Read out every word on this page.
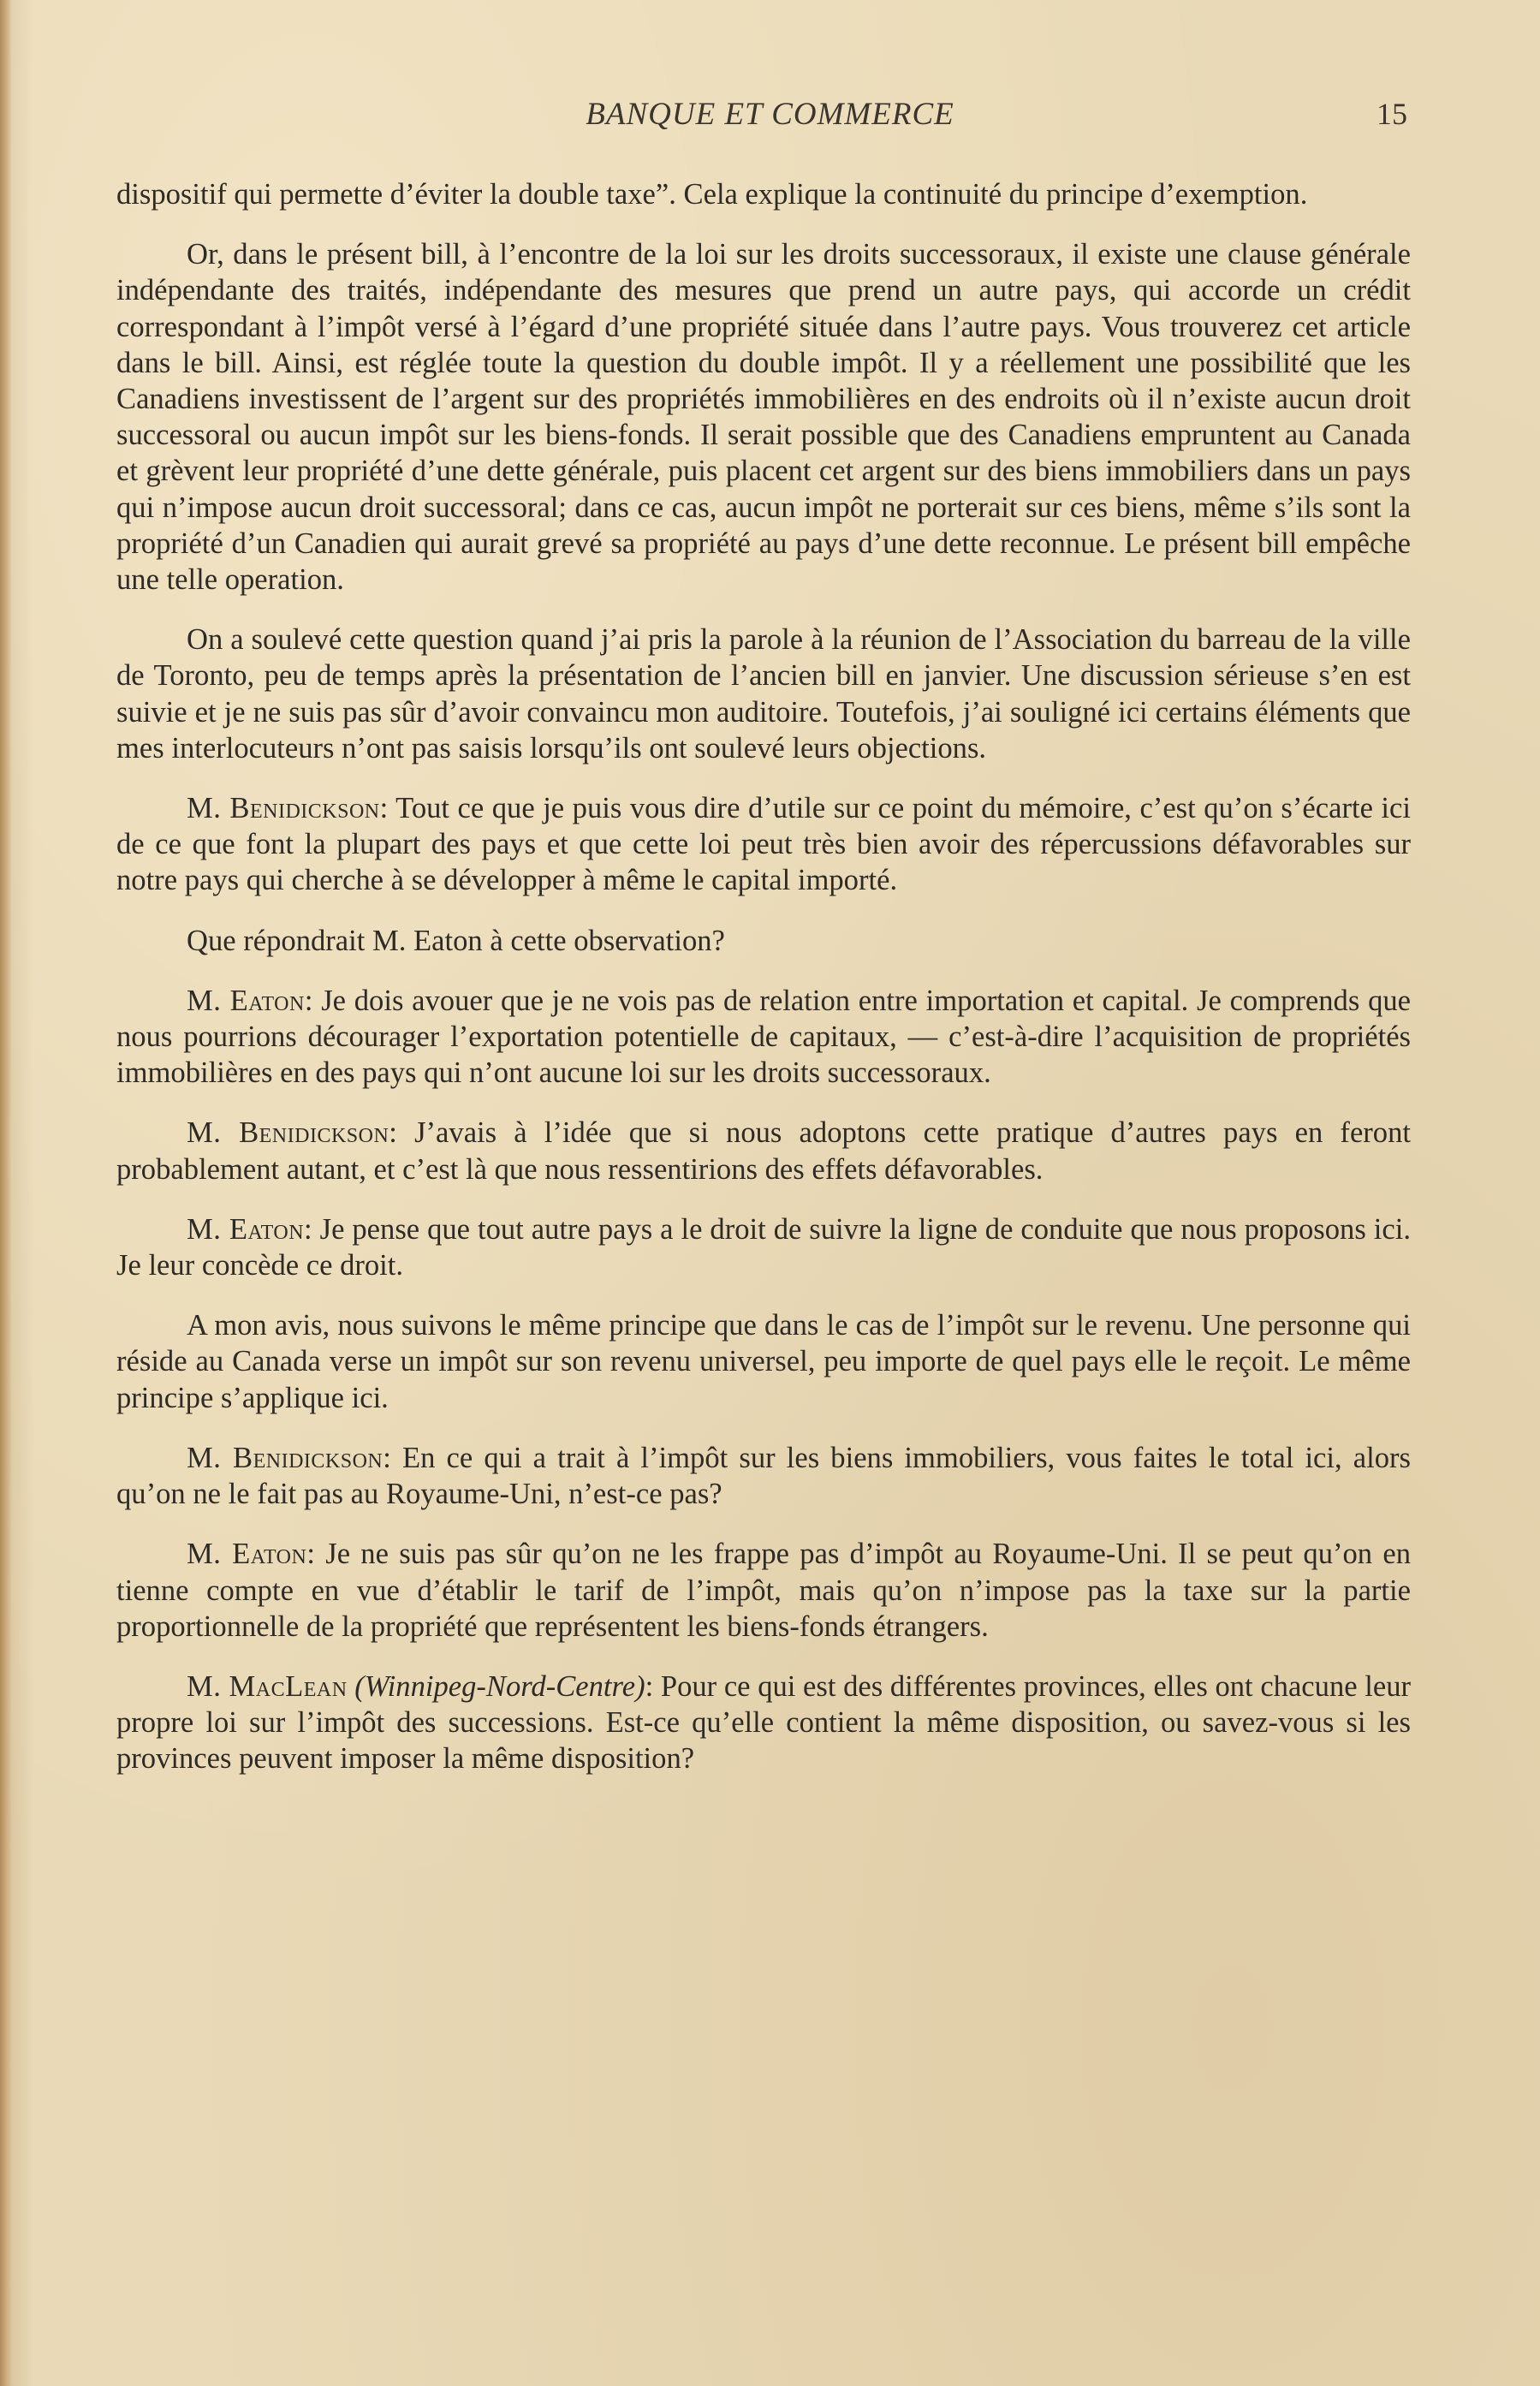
BANQUE ET COMMERCE	15

dispositif qui permette d’éviter la double taxe”. Cela explique la continuité du principe d’exemption.

Or, dans le présent bill, à l’encontre de la loi sur les droits successoraux, il existe une clause générale indépendante des traités, indépendante des mesures que prend un autre pays, qui accorde un crédit correspondant à l’impôt versé à l’égard d’une propriété située dans l’autre pays. Vous trouverez cet article dans le bill. Ainsi, est réglée toute la question du double impôt. Il y a réellement une possibilité que les Canadiens investissent de l’argent sur des propriétés immobilières en des endroits où il n’existe aucun droit successoral ou aucun impôt sur les biens-fonds. Il serait possible que des Canadiens empruntent au Canada et grèvent leur propriété d’une dette générale, puis placent cet argent sur des biens immobiliers dans un pays qui n’impose aucun droit successoral; dans ce cas, aucun impôt ne porterait sur ces biens, même s’ils sont la propriété d’un Canadien qui aurait grevé sa propriété au pays d’une dette reconnue. Le présent bill empêche une telle operation.

On a soulevé cette question quand j’ai pris la parole à la réunion de l’Association du barreau de la ville de Toronto, peu de temps après la présentation de l’ancien bill en janvier. Une discussion sérieuse s’en est suivie et je ne suis pas sûr d’avoir convaincu mon auditoire. Toutefois, j’ai souligné ici certains éléments que mes interlocuteurs n’ont pas saisis lorsqu’ils ont soulevé leurs objections.

M. Benidickson: Tout ce que je puis vous dire d’utile sur ce point du mémoire, c’est qu’on s’écarte ici de ce que font la plupart des pays et que cette loi peut très bien avoir des répercussions défavorables sur notre pays qui cherche à se développer à même le capital importé.

Que répondrait M. Eaton à cette observation?

M. Eaton: Je dois avouer que je ne vois pas de relation entre importation et capital. Je comprends que nous pourrions décourager l’exportation potentielle de capitaux, — c’est-à-dire l’acquisition de propriétés immobilières en des pays qui n’ont aucune loi sur les droits successoraux.

M. Benidickson: J’avais à l’idée que si nous adoptons cette pratique d’autres pays en feront probablement autant, et c’est là que nous ressentirions des effets défavorables.

M. Eaton: Je pense que tout autre pays a le droit de suivre la ligne de conduite que nous proposons ici. Je leur concède ce droit.

A mon avis, nous suivons le même principe que dans le cas de l’impôt sur le revenu. Une personne qui réside au Canada verse un impôt sur son revenu universel, peu importe de quel pays elle le reçoit. Le même principe s’applique ici.

M. Benidickson: En ce qui a trait à l’impôt sur les biens immobiliers, vous faites le total ici, alors qu’on ne le fait pas au Royaume-Uni, n’est-ce pas?

M. Eaton: Je ne suis pas sûr qu’on ne les frappe pas d’impôt au Royaume-Uni. Il se peut qu’on en tienne compte en vue d’établir le tarif de l’impôt, mais qu’on n’impose pas la taxe sur la partie proportionnelle de la propriété que représentent les biens-fonds étrangers.

M. MacLean (Winnipeg-Nord-Centre): Pour ce qui est des différentes provinces, elles ont chacune leur propre loi sur l’impôt des successions. Est-ce qu’elle contient la même disposition, ou savez-vous si les provinces peuvent imposer la même disposition?
